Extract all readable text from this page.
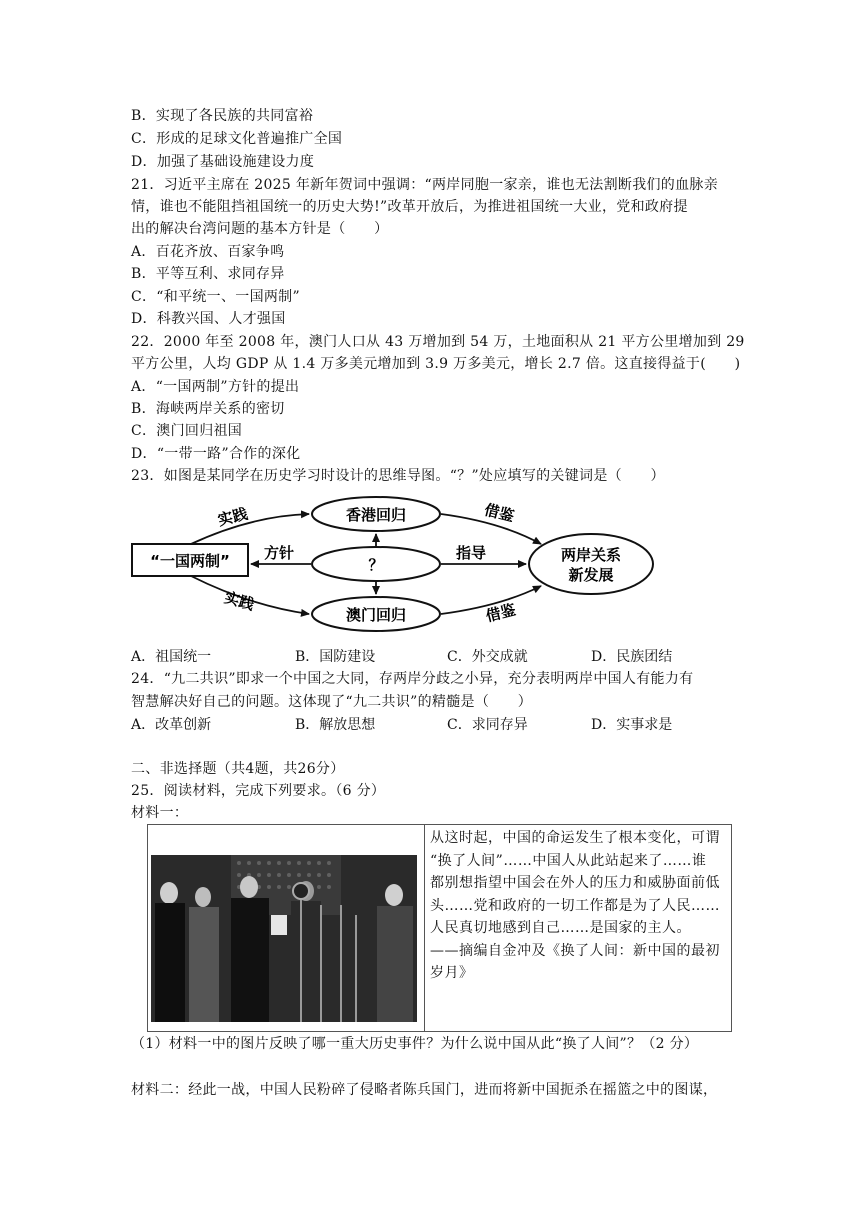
B．实现了各民族的共同富裕
C．形成的足球文化普遍推广全国
D．加强了基础设施建设力度
21．习近平主席在 2025 年新年贺词中强调：“两岸同胞一家亲，谁也无法割断我们的血脉亲
情，谁也不能阻挡祖国统一的历史大势!”改革开放后，为推进祖国统一大业，党和政府提
出的解决台湾问题的基本方针是（　　）
A．百花齐放、百家争鸣
B．平等互利、求同存异
C．“和平统一、一国两制”
D．科教兴国、人才强国
22．2000 年至 2008 年，澳门人口从 43 万增加到 54 万，土地面积从 21 平方公里增加到 29
平方公里，人均 GDP 从 1.4 万多美元增加到 3.9 万多美元，增长 2.7 倍。这直接得益于(　　)
A．“一国两制”方针的提出
B．海峡两岸关系的密切
C．澳门回归祖国
D．“一带一路”合作的深化
23．如图是某同学在历史学习时设计的思维导图。“？”处应填写的关键词是（　　）
“一国两制”
香港回归
？
澳门回归
两岸关系
新发展
实践
方针
实践
借鉴
指导
借鉴
A．祖国统一	B．国防建设	C．外交成就	D．民族团结
24．“九二共识”即求一个中国之大同，存两岸分歧之小异，充分表明两岸中国人有能力有
智慧解决好自己的问题。这体现了“九二共识”的精髓是（　　）
A．改革创新	B．解放思想	C．求同存异	D．实事求是
二、非选择题（共4题，共26分）
25．阅读材料，完成下列要求。（6 分）
材料一：
从这时起，中国的命运发生了根本变化，可谓
“换了人间”……中国人从此站起来了……谁
都别想指望中国会在外人的压力和威胁面前低
头……党和政府的一切工作都是为了人民……
人民真切地感到自己……是国家的主人。
——摘编自金冲及《换了人间：新中国的最初
岁月》
（1）材料一中的图片反映了哪一重大历史事件？为什么说中国从此“换了人间”？（2 分）
材料二：经此一战，中国人民粉碎了侵略者陈兵国门，进而将新中国扼杀在摇篮之中的图谋，
